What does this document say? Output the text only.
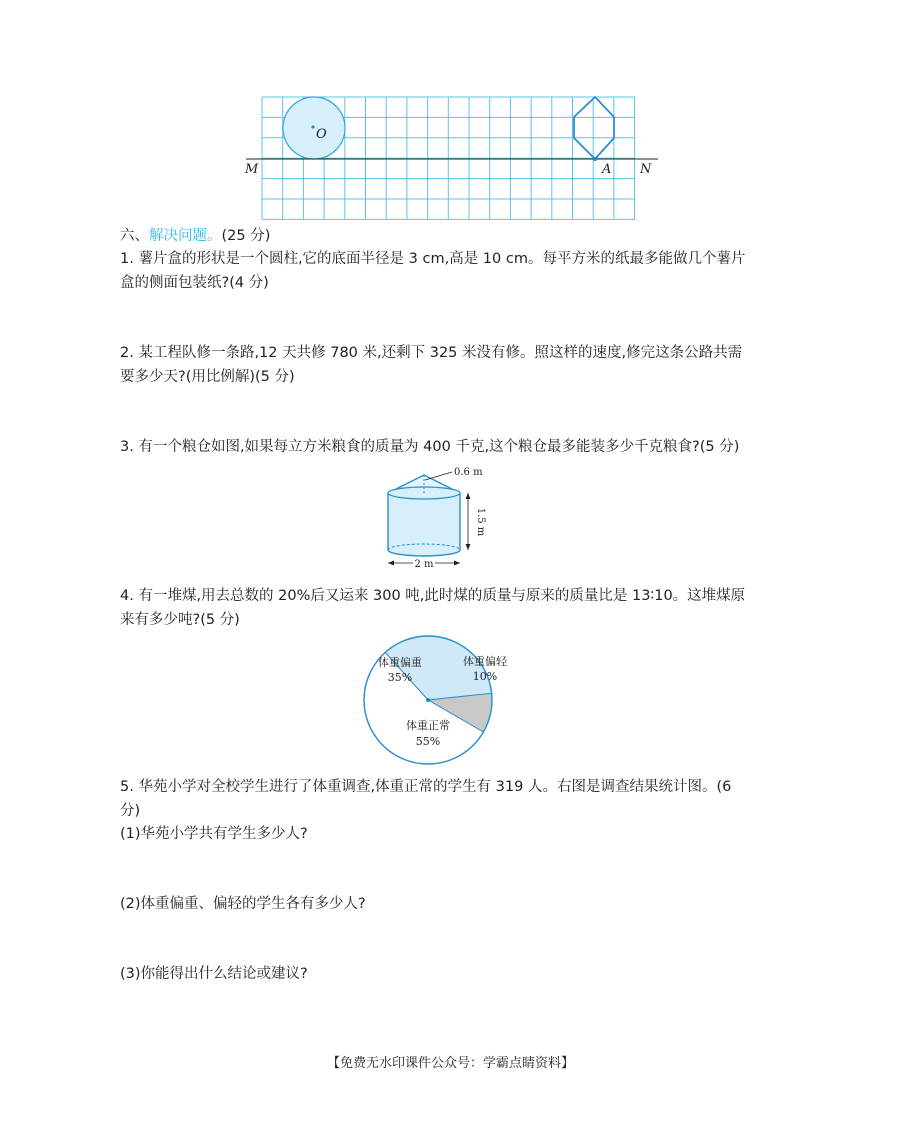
O
M	N
A
六、解决问题。(25 分)
1. 薯片盒的形状是一个圆柱,它的底面半径是 3 cm,高是 10 cm。每平方米的纸最多能做几个薯片
盒的侧面包装纸?(4 分)
2. 某工程队修一条路,12 天共修 780 米,还剩下 325 米没有修。照这样的速度,修完这条公路共需
要多少天?(用比例解)(5 分)
3. 有一个粮仓如图,如果每立方米粮食的质量为 400 千克,这个粮仓最多能装多少千克粮食?(5 分)
0.6 m
1.5 m
2 m
4. 有一堆煤,用去总数的 20%后又运来 300 吨,此时煤的质量与原来的质量比是 13∶10。这堆煤原
来有多少吨?(5 分)
体重偏重
35%
体重偏轻
10%
体重正常
55%
5. 华苑小学对全校学生进行了体重调查,体重正常的学生有 319 人。右图是调查结果统计图。(6
分)
(1)华苑小学共有学生多少人?
(2)体重偏重、偏轻的学生各有多少人?
(3)你能得出什么结论或建议?
【免费无水印课件公众号：学霸点睛资料】
